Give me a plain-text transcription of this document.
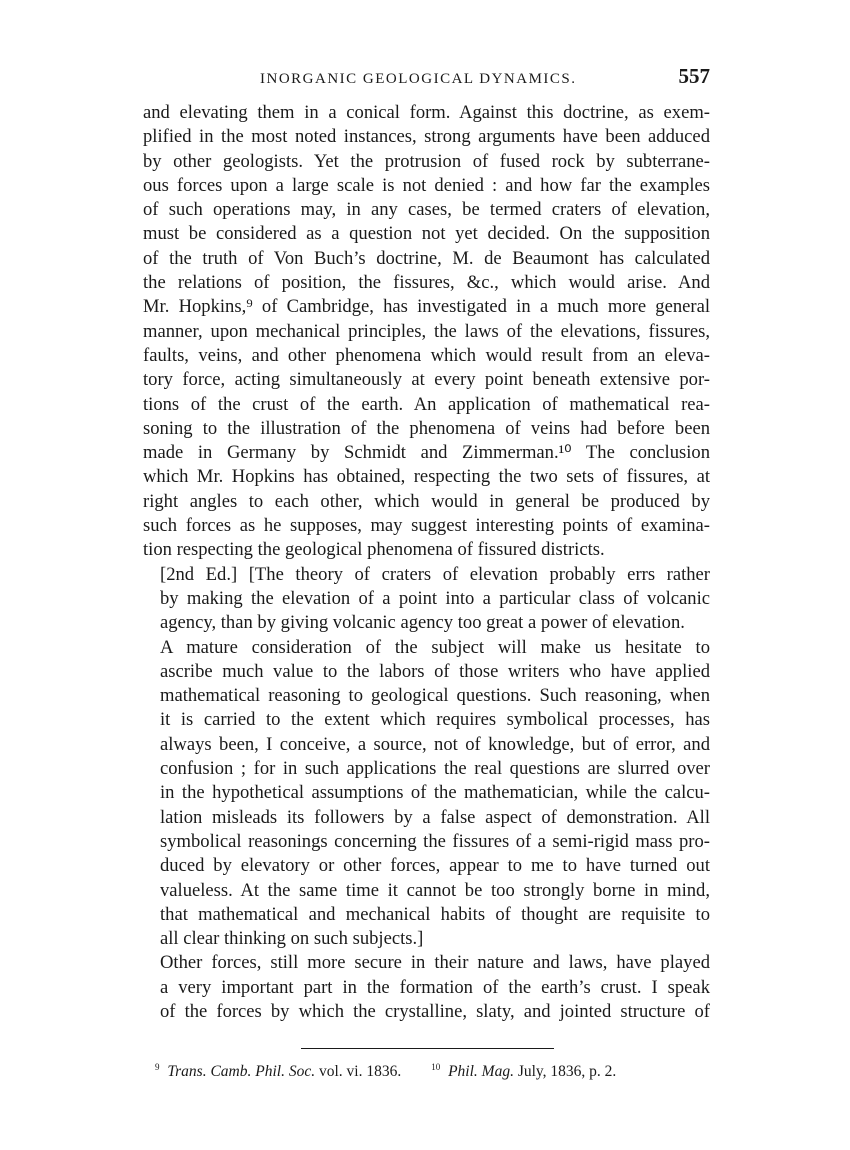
INORGANIC GEOLOGICAL DYNAMICS.	557

and elevating them in a conical form. Against this doctrine, as exem-
plified in the most noted instances, strong arguments have been adduced
by other geologists. Yet the protrusion of fused rock by subterrane-
ous forces upon a large scale is not denied : and how far the examples
of such operations may, in any cases, be termed craters of elevation,
must be considered as a question not yet decided. On the supposition
of the truth of Von Buch’s doctrine, M. de Beaumont has calculated
the relations of position, the fissures, &c., which would arise. And
Mr. Hopkins,⁹ of Cambridge, has investigated in a much more general
manner, upon mechanical principles, the laws of the elevations, fissures,
faults, veins, and other phenomena which would result from an eleva-
tory force, acting simultaneously at every point beneath extensive por-
tions of the crust of the earth. An application of mathematical rea-
soning to the illustration of the phenomena of veins had before been
made in Germany by Schmidt and Zimmerman.¹⁰ The conclusion
which Mr. Hopkins has obtained, respecting the two sets of fissures, at
right angles to each other, which would in general be produced by
such forces as he supposes, may suggest interesting points of examina-
tion respecting the geological phenomena of fissured districts.

[2nd Ed.] [The theory of craters of elevation probably errs rather
by making the elevation of a point into a particular class of volcanic
agency, than by giving volcanic agency too great a power of elevation.

A mature consideration of the subject will make us hesitate to
ascribe much value to the labors of those writers who have applied
mathematical reasoning to geological questions. Such reasoning, when
it is carried to the extent which requires symbolical processes, has
always been, I conceive, a source, not of knowledge, but of error, and
confusion ; for in such applications the real questions are slurred over
in the hypothetical assumptions of the mathematician, while the calcu-
lation misleads its followers by a false aspect of demonstration. All
symbolical reasonings concerning the fissures of a semi-rigid mass pro-
duced by elevatory or other forces, appear to me to have turned out
valueless. At the same time it cannot be too strongly borne in mind,
that mathematical and mechanical habits of thought are requisite to
all clear thinking on such subjects.]

Other forces, still more secure in their nature and laws, have played
a very important part in the formation of the earth’s crust. I speak
of the forces by which the crystalline, slaty, and jointed structure of

$^9$ Trans. Camb. Phil. Soc. vol. vi. 1836.	$^{10}$ Phil. Mag. July, 1836, p. 2.
